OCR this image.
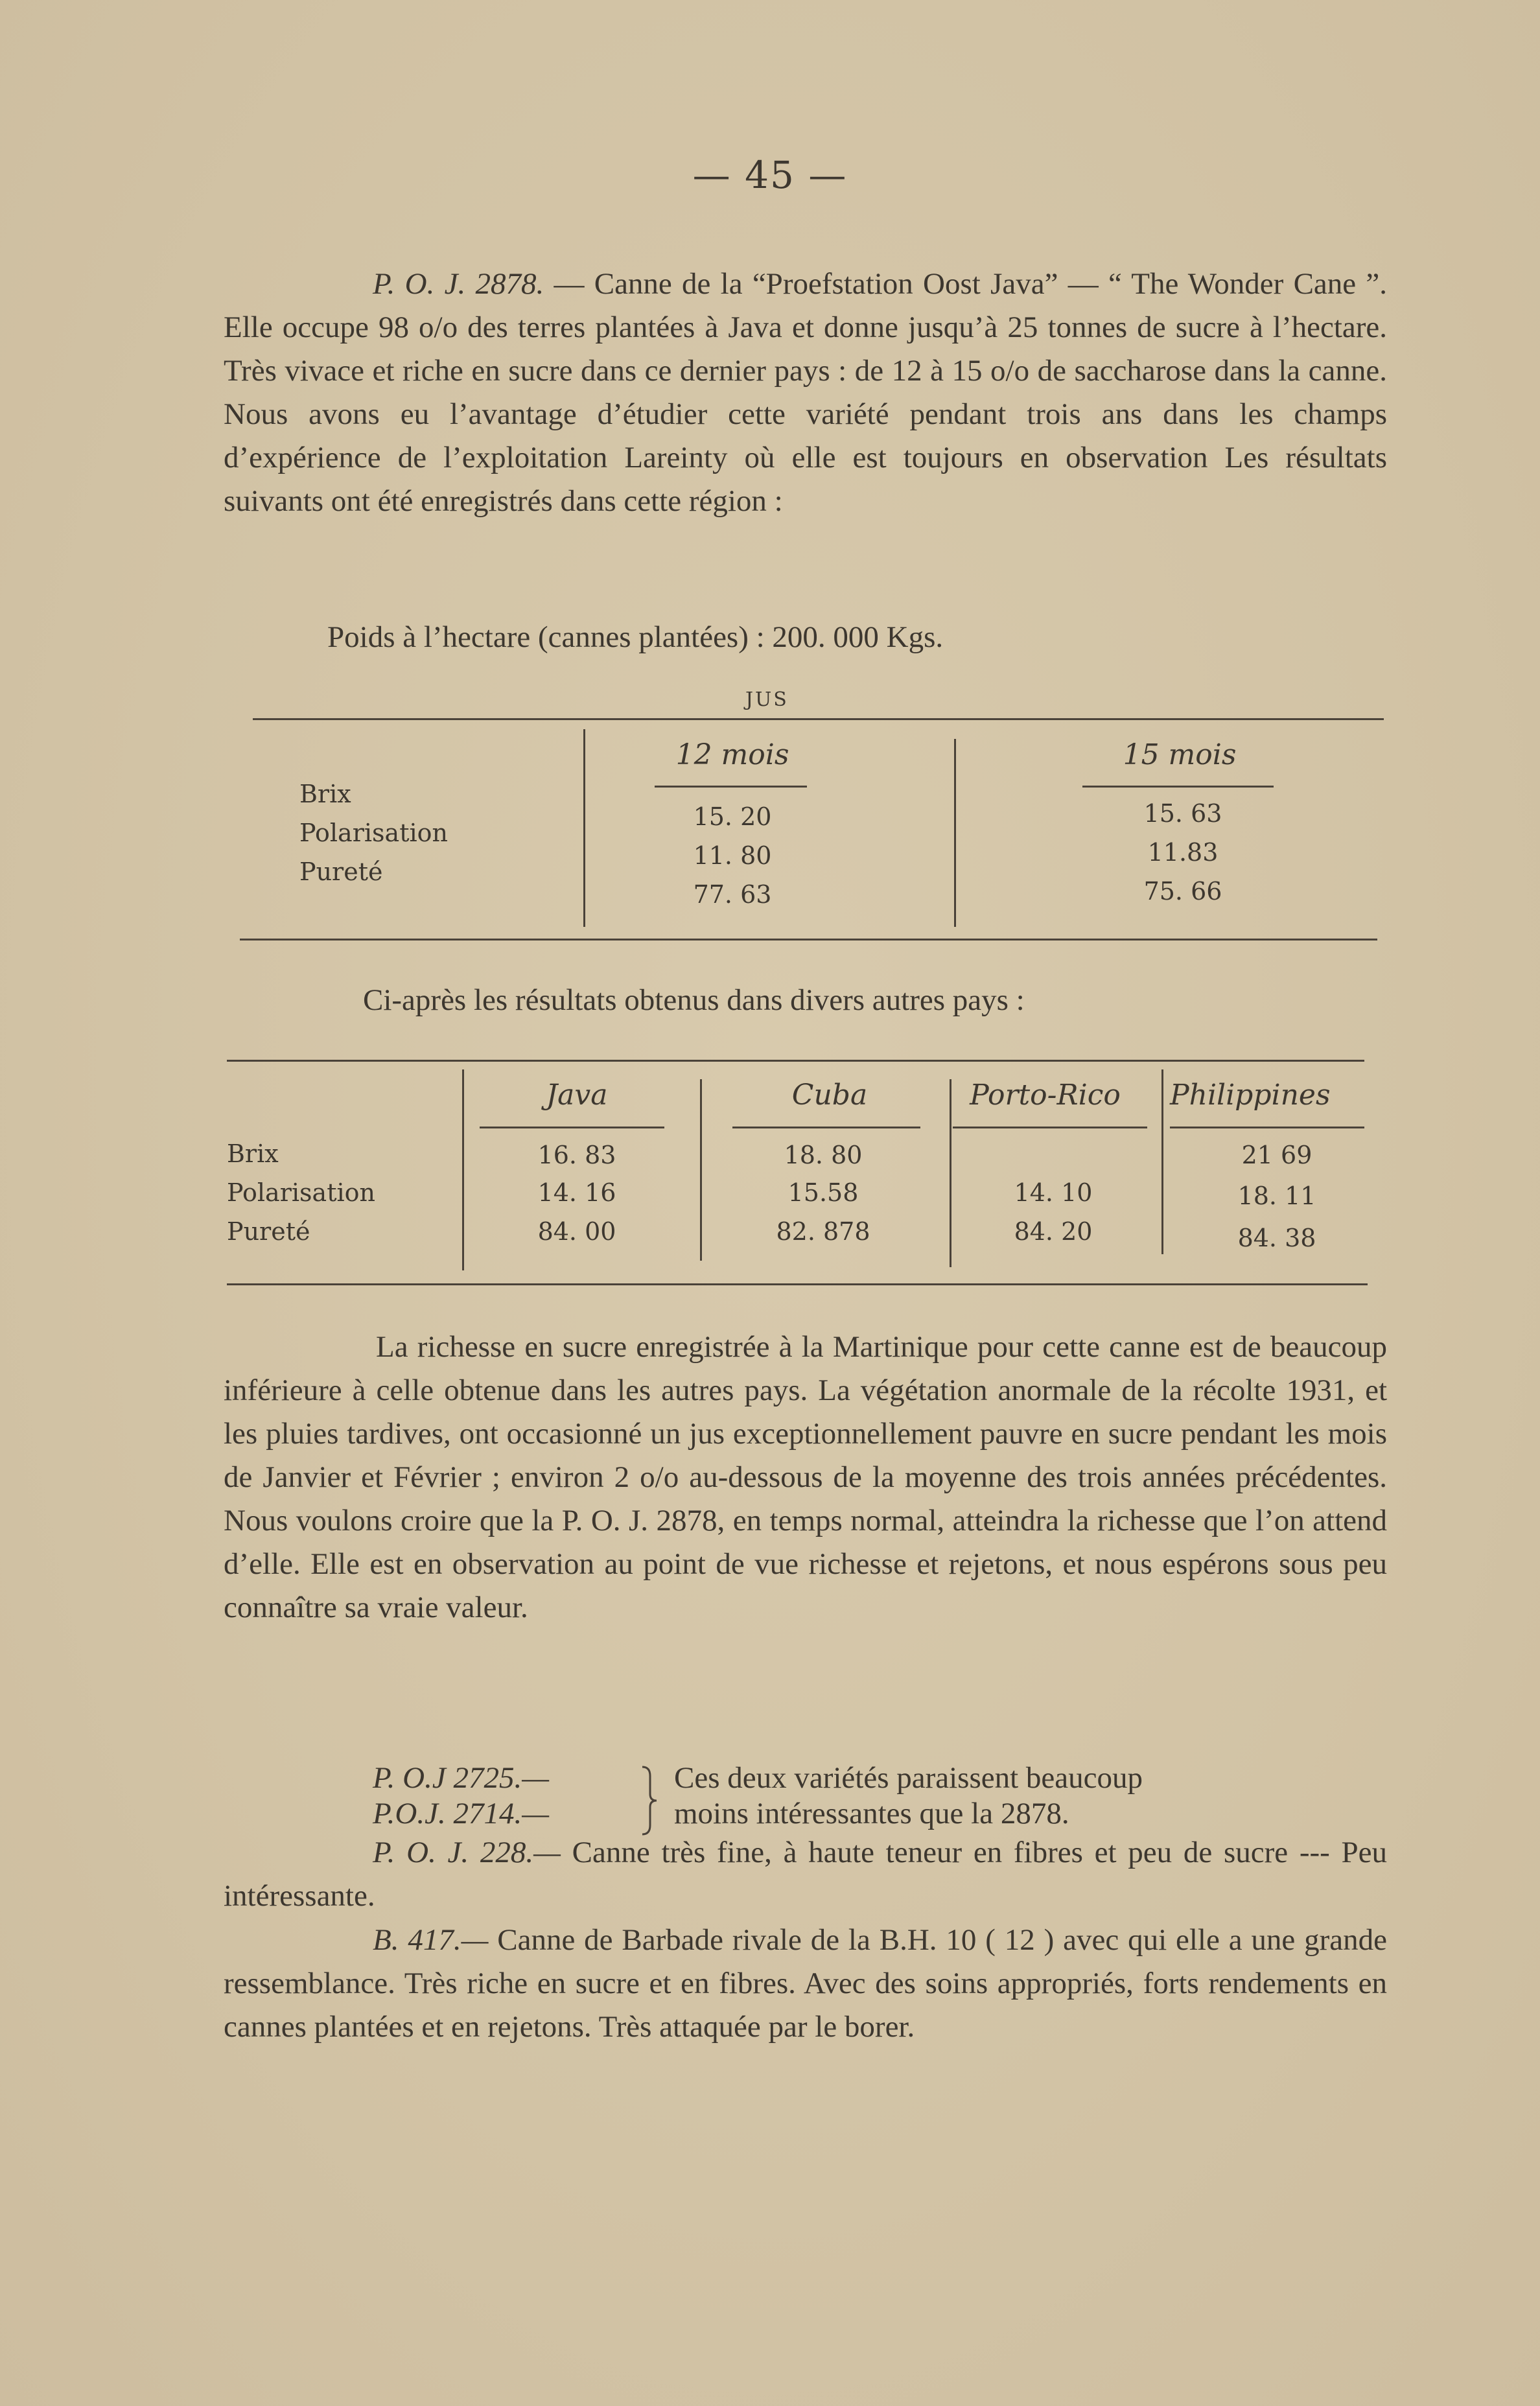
— 45 —

P. O. J. 2878. — Canne de la “Proefstation Oost Java” — “ The Wonder Cane ”. Elle occupe 98 o/o des terres plantées à Java et donne jusqu’à 25 tonnes de sucre à l’hectare. Très vivace et riche en sucre dans ce dernier pays : de 12 à 15 o/o de saccharose dans la canne. Nous avons eu l’avantage d’étudier cette variété pendant trois ans dans les champs d’expérience de l’exploitation Lareinty où elle est toujours en observation Les résultats suivants ont été enregistrés dans cette région :

Poids à l’hectare (cannes plantées) : 200. 000 Kgs.
JUS
Brix
Polarisation
Pureté
12 mois
15. 20
11. 80
77. 63
15 mois
15. 63
11.83
75. 66
Ci-après les résultats obtenus dans divers autres pays :
Brix
Polarisation
Pureté
Java
16. 83
14. 16
84. 00
Cuba
18. 80
15.58
82. 878
Porto-Rico
14. 10
84. 20
Philippines
21 69
18. 11
84. 38

La richesse en sucre enregistrée à la Martinique pour cette canne est de beaucoup inférieure à celle obtenue dans les autres pays. La végétation anormale de la récolte 1931, et les pluies tardives, ont occasionné un jus exceptionnellement pauvre en sucre pendant les mois de Janvier et Février ; environ 2 o/o au-dessous de la moyenne des trois années précédentes. Nous voulons croire que la P. O. J. 2878, en temps normal, atteindra la richesse que l’on attend d’elle. Elle est en observation au point de vue richesse et rejetons, et nous espérons sous peu connaître sa vraie valeur.

P. O.J 2725.—
P.O.J. 2714.—
Ces deux variétés paraissent beaucoup
moins intéressantes que la 2878.

P. O. J. 228.— Canne très fine, à haute teneur en fibres et peu de sucre --- Peu intéressante.

B. 417.— Canne de Barbade rivale de la B.H. 10 ( 12 ) avec qui elle a une grande ressemblance. Très riche en sucre et en fibres. Avec des soins appropriés, forts rendements en cannes plantées et en rejetons. Très attaquée par le borer.
